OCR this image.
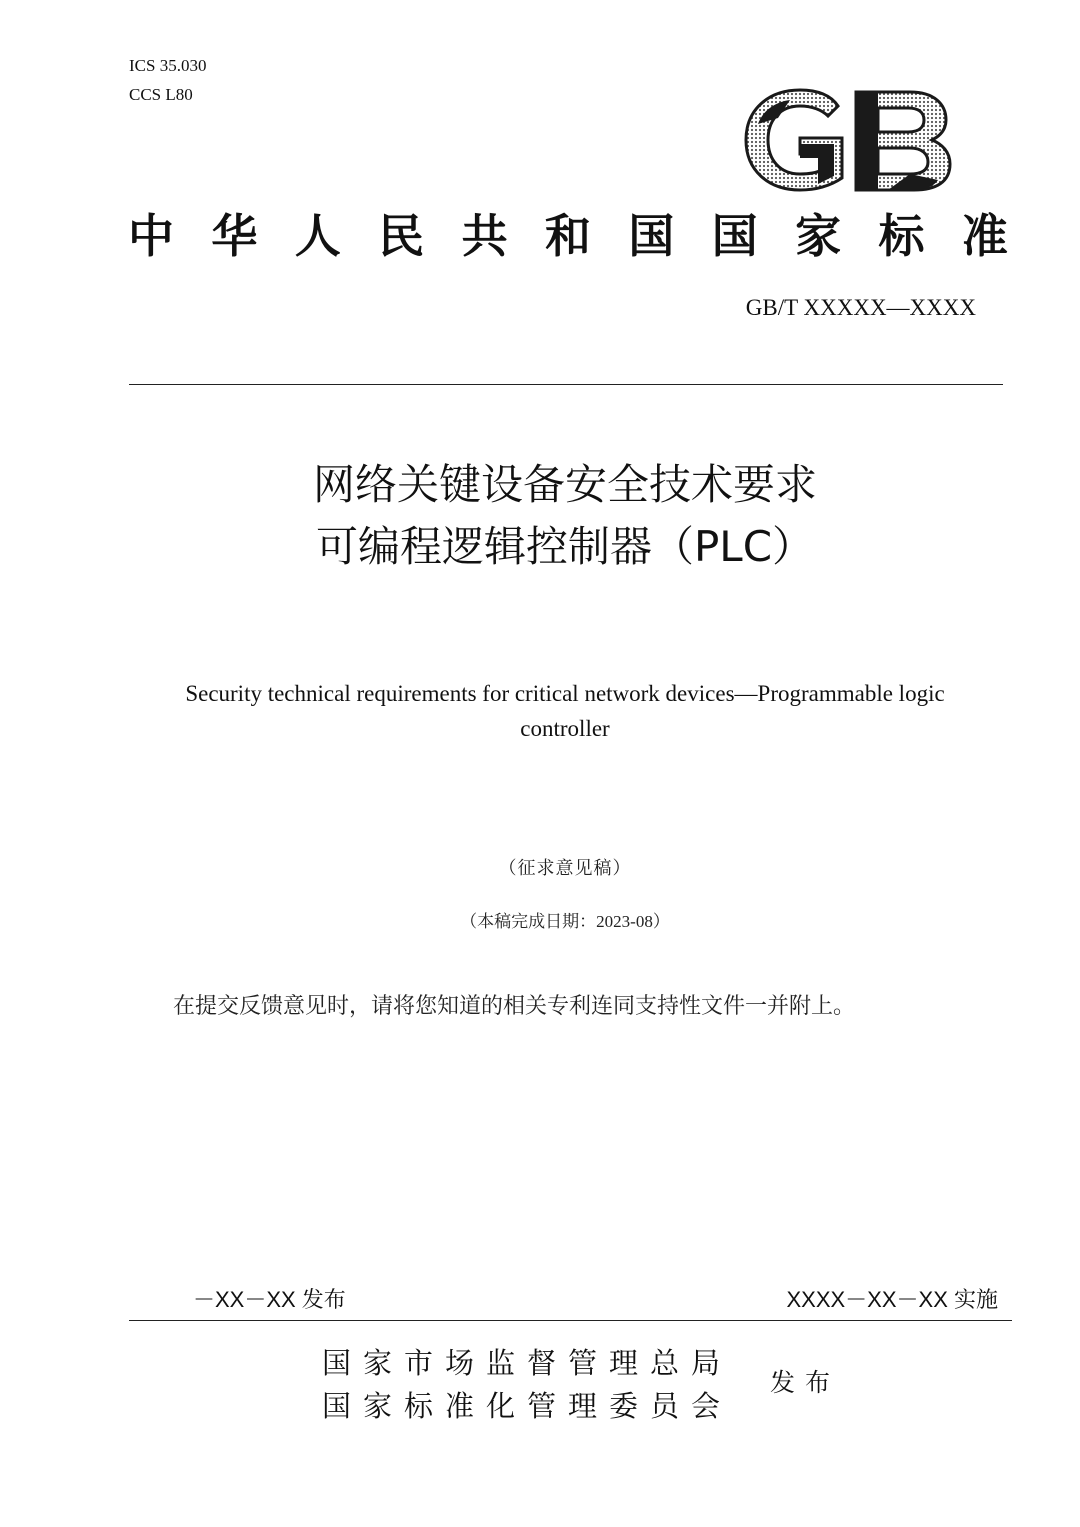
ICS 35.030
CCS L80
GB
中 华 人 民 共 和 国 国 家 标 准
GB/T XXXXX—XXXX
网络关键设备安全技术要求
可编程逻辑控制器（PLC）
Security technical requirements for critical network devices—Programmable logic controller
（征求意见稿）
（本稿完成日期：2023-08）
在提交反馈意见时，请将您知道的相关专利连同支持性文件一并附上。
－XX－XX 发布	XXXX－XX－XX 实施
国家市场监督管理总局
国家标准化管理委员会
发布
